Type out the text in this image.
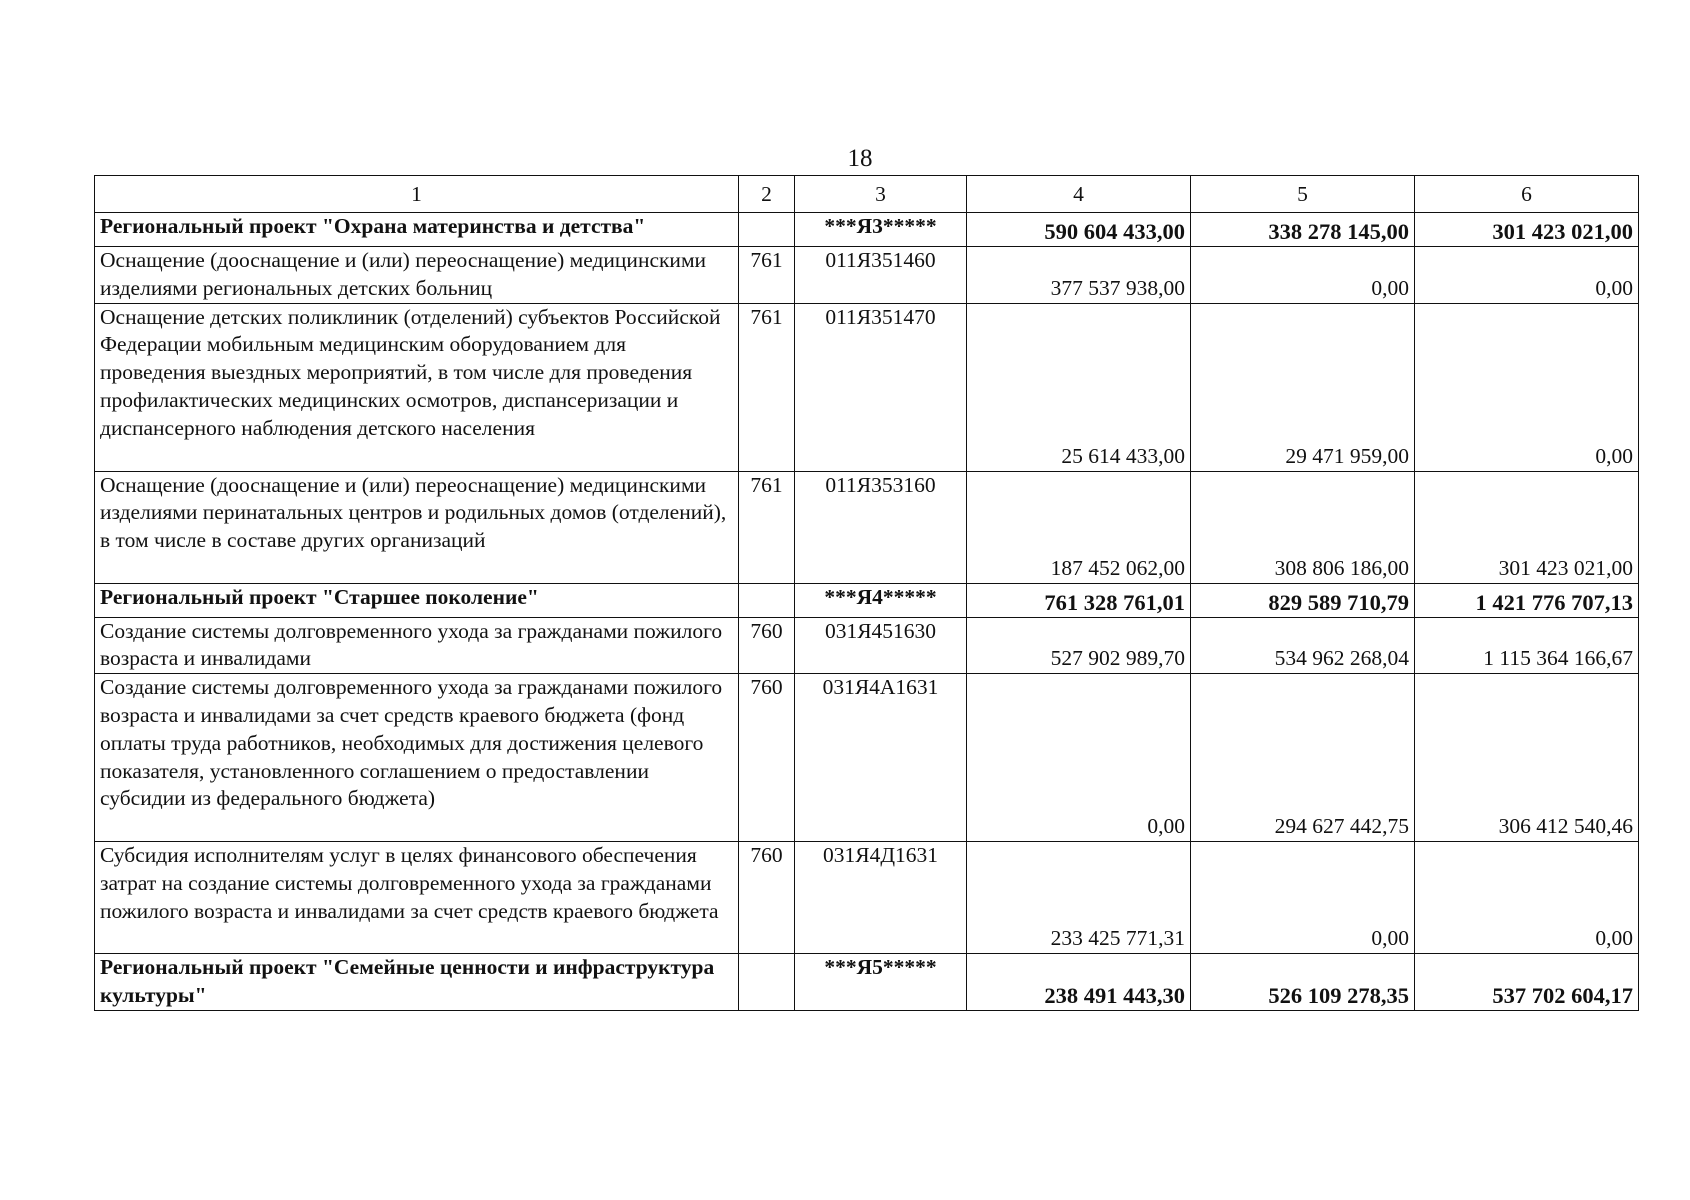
18
1	2	3	4	5	6
Региональный проект "Охрана материнства и детства"		***Я3*****	590 604 433,00	338 278 145,00	301 423 021,00
Оснащение (дооснащение и (или) переоснащение) медицинскими изделиями региональных детских больниц	761	011Я351460	377 537 938,00	0,00	0,00
Оснащение детских поликлиник (отделений) субъектов Российской Федерации мобильным медицинским оборудованием для проведения выездных мероприятий, в том числе для проведения профилактических медицинских осмотров, диспансеризации и диспансерного наблюдения детского населения	761	011Я351470	25 614 433,00	29 471 959,00	0,00
Оснащение (дооснащение и (или) переоснащение) медицинскими изделиями перинатальных центров и родильных домов (отделений), в том числе в составе других организаций	761	011Я353160	187 452 062,00	308 806 186,00	301 423 021,00
Региональный проект "Старшее поколение"		***Я4*****	761 328 761,01	829 589 710,79	1 421 776 707,13
Создание системы долговременного ухода за гражданами пожилого возраста и инвалидами	760	031Я451630	527 902 989,70	534 962 268,04	1 115 364 166,67
Создание системы долговременного ухода за гражданами пожилого возраста и инвалидами за счет средств краевого бюджета (фонд оплаты труда работников, необходимых для достижения целевого показателя, установленного соглашением о предоставлении субсидии из федерального бюджета)	760	031Я4А1631	0,00	294 627 442,75	306 412 540,46
Субсидия исполнителям услуг в целях финансового обеспечения затрат на создание системы долговременного ухода за гражданами пожилого возраста и инвалидами за счет средств краевого бюджета	760	031Я4Д1631	233 425 771,31	0,00	0,00
Региональный проект "Семейные ценности и инфраструктура культуры"		***Я5*****	238 491 443,30	526 109 278,35	537 702 604,17
